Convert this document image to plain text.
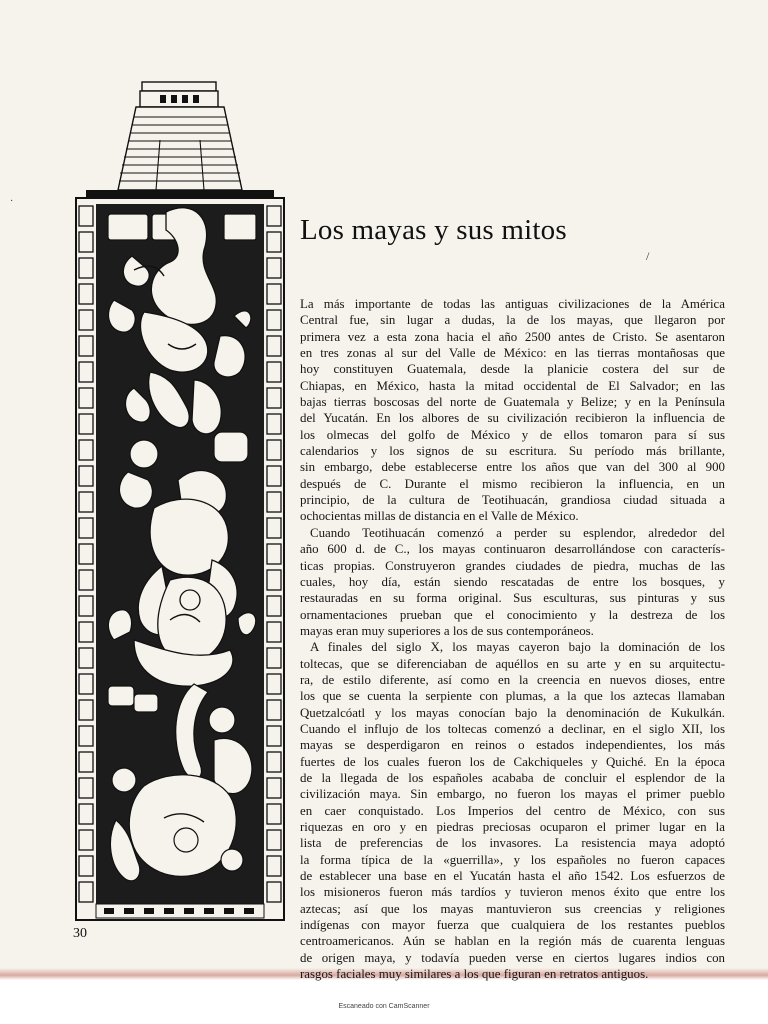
/
·
Los mayas y sus mitos
La más importante de todas las antiguas civilizaciones de la América
Central fue, sin lugar a dudas, la de los mayas, que llegaron por
primera vez a esta zona hacia el año 2500 antes de Cristo. Se asentaron
en tres zonas al sur del Valle de México: en las tierras montañosas que
hoy constituyen Guatemala, desde la planicie costera del sur de
Chiapas, en México, hasta la mitad occidental de El Salvador; en las
bajas tierras boscosas del norte de Guatemala y Belize; y en la Península
del Yucatán. En los albores de su civilización recibieron la influencia de
los olmecas del golfo de México y de ellos tomaron para sí sus
calendarios y los signos de su escritura. Su período más brillante,
sin embargo, debe establecerse entre los años que van del 300 al 900
después de C. Durante el mismo recibieron la influencia, en un
principio, de la cultura de Teotihuacán, grandiosa ciudad situada a
ochocientas millas de distancia en el Valle de México.
Cuando Teotihuacán comenzó a perder su esplendor, alrededor del
año 600 d. de C., los mayas continuaron desarrollándose con caracterís-
ticas propias. Construyeron grandes ciudades de piedra, muchas de las
cuales, hoy día, están siendo rescatadas de entre los bosques, y
restauradas en su forma original. Sus esculturas, sus pinturas y sus
ornamentaciones prueban que el conocimiento y la destreza de los
mayas eran muy superiores a los de sus contemporáneos.
A finales del siglo X, los mayas cayeron bajo la dominación de los
toltecas, que se diferenciaban de aquéllos en su arte y en su arquitectu-
ra, de estilo diferente, así como en la creencia en nuevos dioses, entre
los que se cuenta la serpiente con plumas, a la que los aztecas llamaban
Quetzalcóatl y los mayas conocían bajo la denominación de Kukulkán.
Cuando el influjo de los toltecas comenzó a declinar, en el siglo XII, los
mayas se desperdigaron en reinos o estados independientes, los más
fuertes de los cuales fueron los de Cakchiqueles y Quiché. En la época
de la llegada de los españoles acababa de concluir el esplendor de la
civilización maya. Sin embargo, no fueron los mayas el primer pueblo
en caer conquistado. Los Imperios del centro de México, con sus
riquezas en oro y en piedras preciosas ocuparon el primer lugar en la
lista de preferencias de los invasores. La resistencia maya adoptó
la forma típica de la «guerrilla», y los españoles no fueron capaces
de establecer una base en el Yucatán hasta el año 1542. Los esfuerzos de
los misioneros fueron más tardíos y tuvieron menos éxito que entre los
aztecas; así que los mayas mantuvieron sus creencias y religiones
indígenas con mayor fuerza que cualquiera de los restantes pueblos
centroamericanos. Aún se hablan en la región más de cuarenta lenguas
de origen maya, y todavía pueden verse en ciertos lugares indios con
rasgos faciales muy similares a los que figuran en retratos antiguos.
30
Escaneado con CamScanner
